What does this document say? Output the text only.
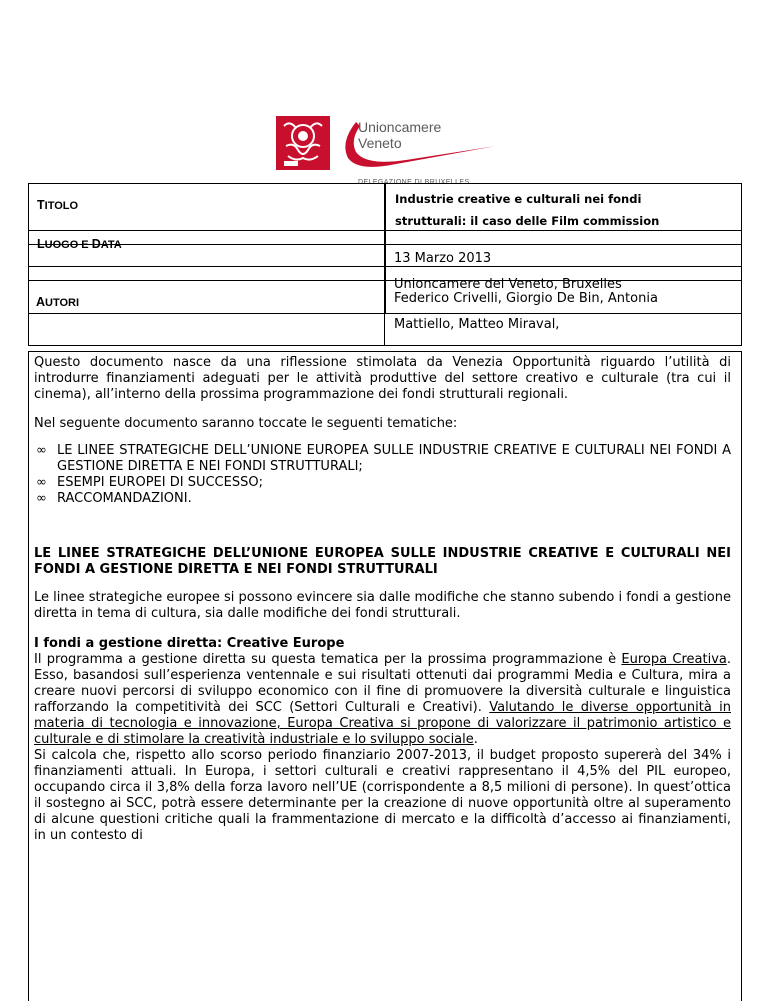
Unioncamere
Veneto
DELEGAZIONE DI BRUXELLES
TITOLO	Industrie creative e culturali nei fondi
strutturali: il caso delle Film commission
LUOGO E DATA
13 Marzo 2013
Unioncamere del Veneto, Bruxelles
AUTORI	Federico Crivelli, Giorgio De Bin, Antonia
Mattiello, Matteo Miraval,

Questo documento nasce da una riflessione stimolata da Venezia Opportunità riguardo l’utilità di introdurre finanziamenti adeguati per le attività produttive del settore creativo e culturale (tra cui il cinema), all’interno della prossima programmazione dei fondi strutturali regionali.

Nel seguente documento saranno toccate le seguenti tematiche:

∞ LE LINEE STRATEGICHE DELL’UNIONE EUROPEA SULLE INDUSTRIE CREATIVE E CULTURALI NEI FONDI A GESTIONE DIRETTA E NEI FONDI STRUTTURALI;
∞ ESEMPI EUROPEI DI SUCCESSO;
∞ RACCOMANDAZIONI.

LE LINEE STRATEGICHE DELL’UNIONE EUROPEA SULLE INDUSTRIE CREATIVE E CULTURALI NEI FONDI A GESTIONE DIRETTA E NEI FONDI STRUTTURALI

Le linee strategiche europee si possono evincere sia dalle modifiche che stanno subendo i fondi a gestione diretta in tema di cultura, sia dalle modifiche dei fondi strutturali.

I fondi a gestione diretta: Creative Europe

Il programma a gestione diretta su questa tematica per la prossima programmazione è Europa Creativa. Esso, basandosi sull’esperienza ventennale e sui risultati ottenuti dai programmi Media e Cultura, mira a creare nuovi percorsi di sviluppo economico con il fine di promuovere la diversità culturale e linguistica rafforzando la competitività dei SCC (Settori Culturali e Creativi). Valutando le diverse opportunità in materia di tecnologia e innovazione, Europa Creativa si propone di valorizzare il patrimonio artistico e culturale e di stimolare la creatività industriale e lo sviluppo sociale.

Si calcola che, rispetto allo scorso periodo finanziario 2007-2013, il budget proposto supererà del 34% i finanziamenti attuali. In Europa, i settori culturali e creativi rappresentano il 4,5% del PIL europeo, occupando circa il 3,8% della forza lavoro nell’UE (corrispondente a 8,5 milioni di persone). In quest’ottica il sostegno ai SCC, potrà essere determinante per la creazione di nuove opportunità oltre al superamento di alcune questioni critiche quali la frammentazione di mercato e la difficoltà d’accesso ai finanziamenti, in un contesto di
